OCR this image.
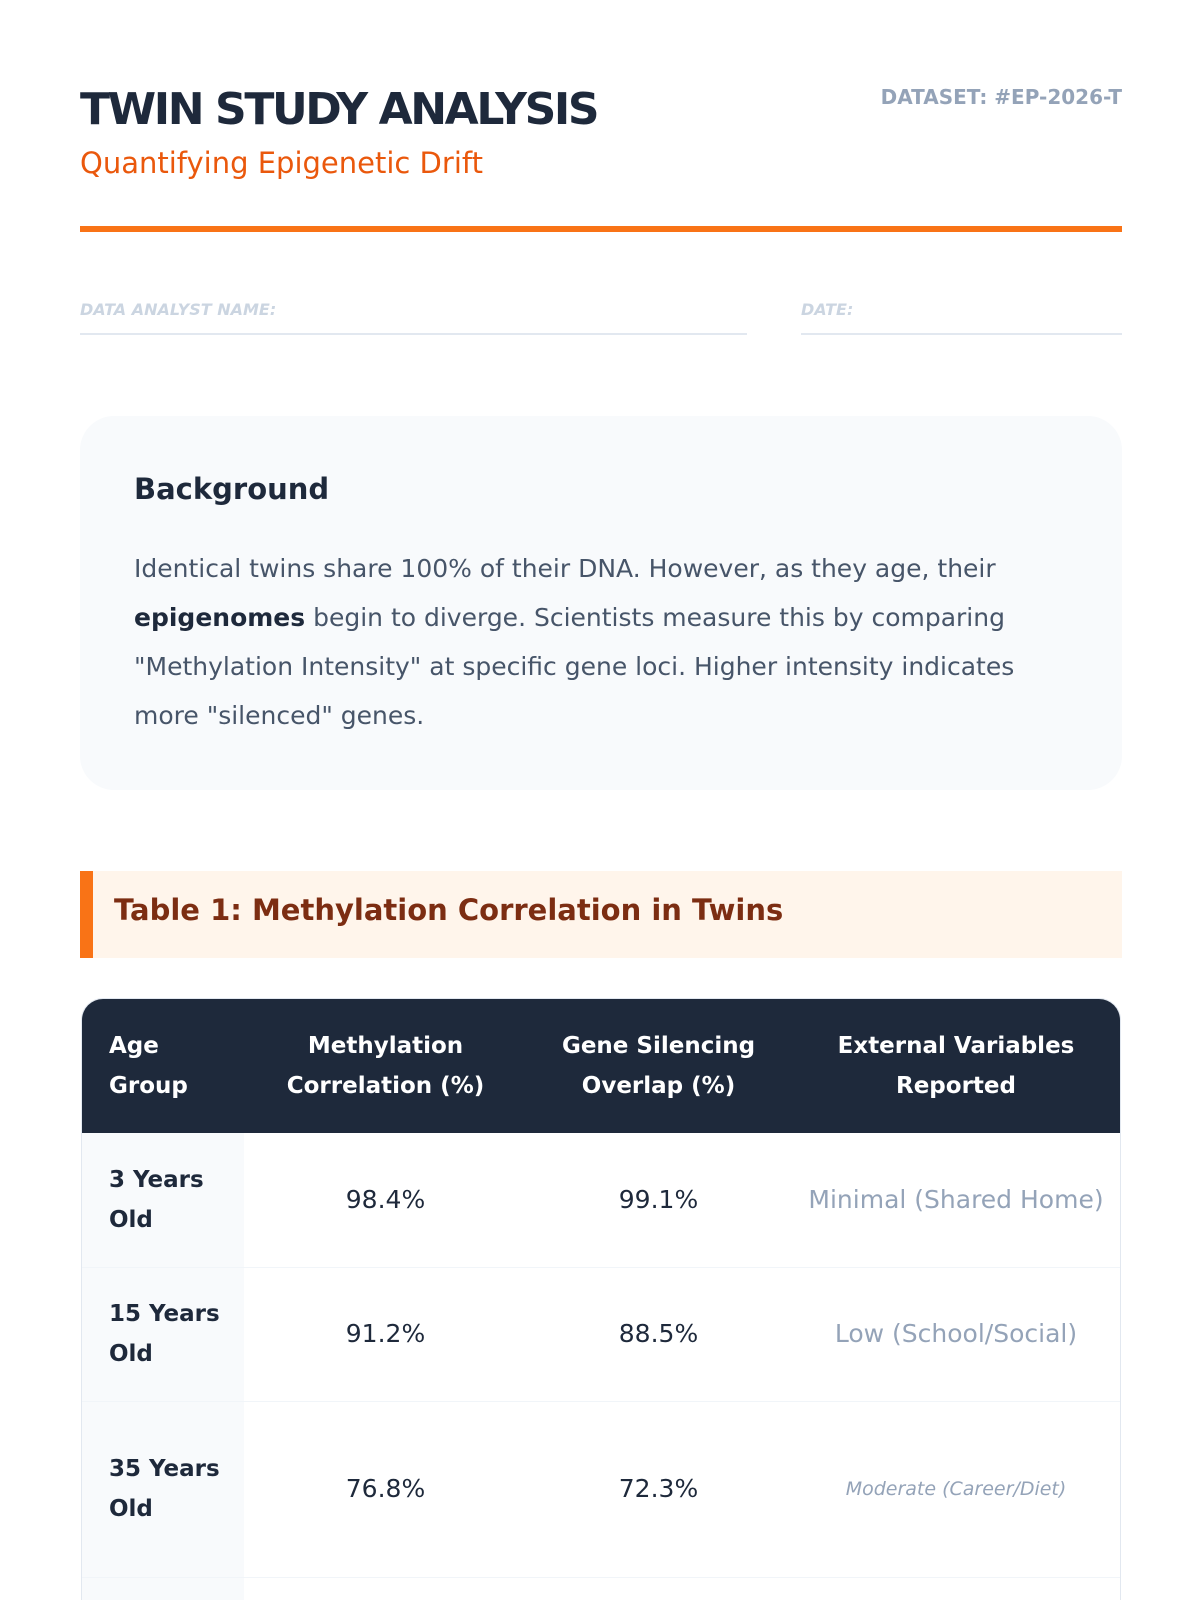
TWIN STUDY ANALYSIS
Quantifying Epigenetic Drift
DATASET: #EP-2026-T
DATA ANALYST NAME:	DATE:
Background

Identical twins share 100% of their DNA. However, as they age, their epigenomes begin to diverge. Scientists measure this by comparing "Methylation Intensity" at specific gene loci. Higher intensity indicates more "silenced" genes.

Table 1: Methylation Correlation in Twins
Age Group	Methylation Correlation (%)	Gene Silencing Overlap (%)	External Variables Reported
3 Years Old	98.4%	99.1%	Minimal (Shared Home)
15 Years Old	91.2%	88.5%	Low (School/Social)
35 Years Old	76.8%	72.3%	Moderate (Career/Diet)
